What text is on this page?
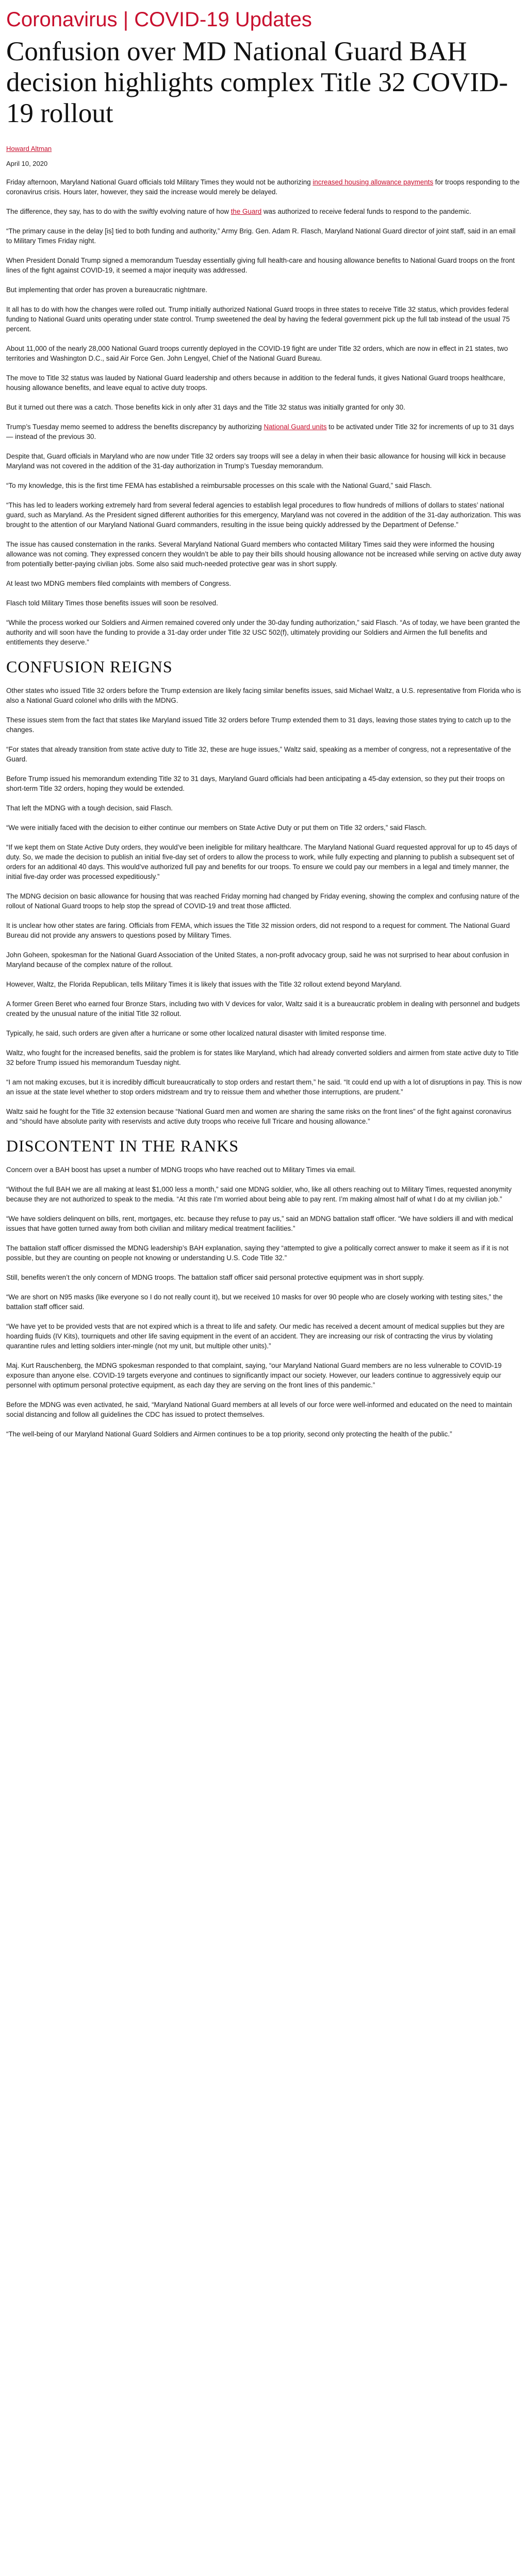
Coronavirus | COVID-19 Updates
Confusion over MD National Guard BAH decision highlights complex Title 32 COVID-19 rollout
Howard Altman
April 10, 2020

Friday afternoon, Maryland National Guard officials told Military Times they would not be authorizing increased housing allowance payments for troops responding to the coronavirus crisis. Hours later, however, they said the increase would merely be delayed.

The difference, they say, has to do with the swiftly evolving nature of how the Guard was authorized to receive federal funds to respond to the pandemic.

“The primary cause in the delay [is] tied to both funding and authority,” Army Brig. Gen. Adam R. Flasch, Maryland National Guard director of joint staff, said in an email to Military Times Friday night.

When President Donald Trump signed a memorandum Tuesday essentially giving full health-care and housing allowance benefits to National Guard troops on the front lines of the fight against COVID-19, it seemed a major inequity was addressed.

But implementing that order has proven a bureaucratic nightmare.

It all has to do with how the changes were rolled out. Trump initially authorized National Guard troops in three states to receive Title 32 status, which provides federal funding to National Guard units operating under state control. Trump sweetened the deal by having the federal government pick up the full tab instead of the usual 75 percent.

About 11,000 of the nearly 28,000 National Guard troops currently deployed in the COVID-19 fight are under Title 32 orders, which are now in effect in 21 states, two territories and Washington D.C., said Air Force Gen. John Lengyel, Chief of the National Guard Bureau.

The move to Title 32 status was lauded by National Guard leadership and others because in addition to the federal funds, it gives National Guard troops healthcare, housing allowance benefits, and leave equal to active duty troops.

But it turned out there was a catch. Those benefits kick in only after 31 days and the Title 32 status was initially granted for only 30.

Trump’s Tuesday memo seemed to address the benefits discrepancy by authorizing National Guard units to be activated under Title 32 for increments of up to 31 days — instead of the previous 30.

Despite that, Guard officials in Maryland who are now under Title 32 orders say troops will see a delay in when their basic allowance for housing will kick in because Maryland was not covered in the addition of the 31-day authorization in Trump’s Tuesday memorandum.

“To my knowledge, this is the first time FEMA has established a reimbursable processes on this scale with the National Guard,” said Flasch.

“This has led to leaders working extremely hard from several federal agencies to establish legal procedures to flow hundreds of millions of dollars to states’ national guard, such as Maryland. As the President signed different authorities for this emergency, Maryland was not covered in the addition of the 31-day authorization. This was brought to the attention of our Maryland National Guard commanders, resulting in the issue being quickly addressed by the Department of Defense.”

The issue has caused consternation in the ranks. Several Maryland National Guard members who contacted Military Times said they were informed the housing allowance was not coming. They expressed concern they wouldn’t be able to pay their bills should housing allowance not be increased while serving on active duty away from potentially better-paying civilian jobs. Some also said much-needed protective gear was in short supply.

At least two MDNG members filed complaints with members of Congress.

Flasch told Military Times those benefits issues will soon be resolved.

“While the process worked our Soldiers and Airmen remained covered only under the 30-day funding authorization,” said Flasch. “As of today, we have been granted the authority and will soon have the funding to provide a 31-day order under Title 32 USC 502(f), ultimately providing our Soldiers and Airmen the full benefits and entitlements they deserve.”

CONFUSION REIGNS

Other states who issued Title 32 orders before the Trump extension are likely facing similar benefits issues, said Michael Waltz, a U.S. representative from Florida who is also a National Guard colonel who drills with the MDNG.

These issues stem from the fact that states like Maryland issued Title 32 orders before Trump extended them to 31 days, leaving those states trying to catch up to the changes.

“For states that already transition from state active duty to Title 32, these are huge issues,” Waltz said, speaking as a member of congress, not a representative of the Guard.

Before Trump issued his memorandum extending Title 32 to 31 days, Maryland Guard officials had been anticipating a 45-day extension, so they put their troops on short-term Title 32 orders, hoping they would be extended.

That left the MDNG with a tough decision, said Flasch.

“We were initially faced with the decision to either continue our members on State Active Duty or put them on Title 32 orders,” said Flasch.

“If we kept them on State Active Duty orders, they would’ve been ineligible for military healthcare. The Maryland National Guard requested approval for up to 45 days of duty. So, we made the decision to publish an initial five-day set of orders to allow the process to work, while fully expecting and planning to publish a subsequent set of orders for an additional 40 days. This would’ve authorized full pay and benefits for our troops. To ensure we could pay our members in a legal and timely manner, the initial five-day order was processed expeditiously.”

The MDNG decision on basic allowance for housing that was reached Friday morning had changed by Friday evening, showing the complex and confusing nature of the rollout of National Guard troops to help stop the spread of COVID-19 and treat those afflicted.

It is unclear how other states are faring. Officials from FEMA, which issues the Title 32 mission orders, did not respond to a request for comment. The National Guard Bureau did not provide any answers to questions posed by Military Times.

John Goheen, spokesman for the National Guard Association of the United States, a non-profit advocacy group, said he was not surprised to hear about confusion in Maryland because of the complex nature of the rollout.

However, Waltz, the Florida Republican, tells Military Times it is likely that issues with the Title 32 rollout extend beyond Maryland.

A former Green Beret who earned four Bronze Stars, including two with V devices for valor, Waltz said it is a bureaucratic problem in dealing with personnel and budgets created by the unusual nature of the initial Title 32 rollout.

Typically, he said, such orders are given after a hurricane or some other localized natural disaster with limited response time.

Waltz, who fought for the increased benefits, said the problem is for states like Maryland, which had already converted soldiers and airmen from state active duty to Title 32 before Trump issued his memorandum Tuesday night.

“I am not making excuses, but it is incredibly difficult bureaucratically to stop orders and restart them,” he said. “It could end up with a lot of disruptions in pay. This is now an issue at the state level whether to stop orders midstream and try to reissue them and whether those interruptions, are prudent.”

Waltz said he fought for the Title 32 extension because “National Guard men and women are sharing the same risks on the front lines” of the fight against coronavirus and “should have absolute parity with reservists and active duty troops who receive full Tricare and housing allowance.”

DISCONTENT IN THE RANKS

Concern over a BAH boost has upset a number of MDNG troops who have reached out to Military Times via email.

“Without the full BAH we are all making at least $1,000 less a month,” said one MDNG soldier, who, like all others reaching out to Military Times, requested anonymity because they are not authorized to speak to the media. “At this rate I’m worried about being able to pay rent. I’m making almost half of what I do at my civilian job.”

“We have soldiers delinquent on bills, rent, mortgages, etc. because they refuse to pay us,” said an MDNG battalion staff officer. “We have soldiers ill and with medical issues that have gotten turned away from both civilian and military medical treatment facilities.”

The battalion staff officer dismissed the MDNG leadership’s BAH explanation, saying they “attempted to give a politically correct answer to make it seem as if it is not possible, but they are counting on people not knowing or understanding U.S. Code Title 32.”

Still, benefits weren’t the only concern of MDNG troops. The battalion staff officer said personal protective equipment was in short supply.

“We are short on N95 masks (like everyone so I do not really count it), but we received 10 masks for over 90 people who are closely working with testing sites,” the battalion staff officer said.

“We have yet to be provided vests that are not expired which is a threat to life and safety. Our medic has received a decent amount of medical supplies but they are hoarding fluids (IV Kits), tourniquets and other life saving equipment in the event of an accident. They are increasing our risk of contracting the virus by violating quarantine rules and letting soldiers inter-mingle (not my unit, but multiple other units).”

Maj. Kurt Rauschenberg, the MDNG spokesman responded to that complaint, saying, “our Maryland National Guard members are no less vulnerable to COVID-19 exposure than anyone else. COVID-19 targets everyone and continues to significantly impact our society. However, our leaders continue to aggressively equip our personnel with optimum personal protective equipment, as each day they are serving on the front lines of this pandemic.”

Before the MDNG was even activated, he said, “Maryland National Guard members at all levels of our force were well-informed and educated on the need to maintain social distancing and follow all guidelines the CDC has issued to protect themselves.

“The well-being of our Maryland National Guard Soldiers and Airmen continues to be a top priority, second only protecting the health of the public.”
